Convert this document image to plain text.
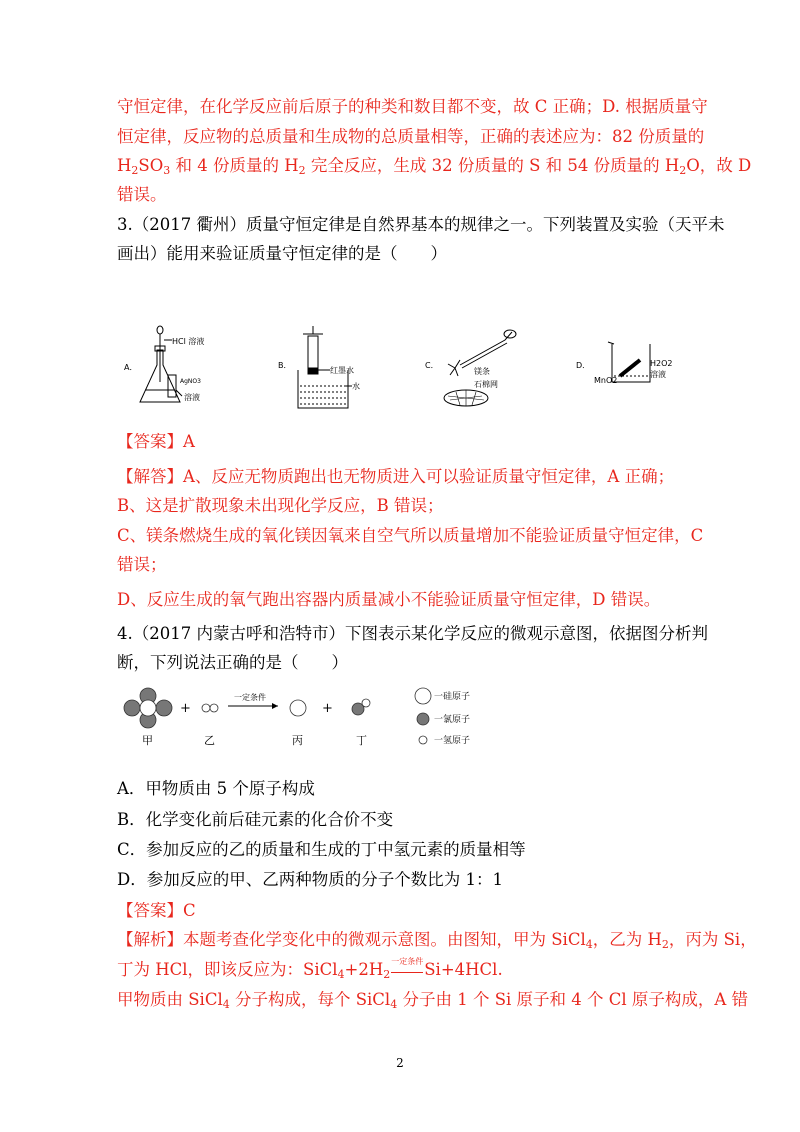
守恒定律，在化学反应前后原子的种类和数目都不变，故 C 正确；D. 根据质量守
恒定律，反应物的总质量和生成物的总质量相等，正确的表述应为：82 份质量的
$H_2SO_3$ 和 4 份质量的 $H_2$ 完全反应，生成 32 份质量的 S 和 54 份质量的 $H_2O$，故 D
错误。
3.（2017 衢州）质量守恒定律是自然界基本的规律之一。下列装置及实验（天平未
画出）能用来验证质量守恒定律的是（　　）
A．
HCl 溶液
AgNO3
溶液
B．
红墨水
水
C．
镁条
石棉网
D．	H2O2
溶液
MnO2
【答案】A
【解答】A、反应无物质跑出也无物质进入可以验证质量守恒定律，A 正确；
B、这是扩散现象未出现化学反应，B 错误；
C、镁条燃烧生成的氧化镁因氧来自空气所以质量增加不能验证质量守恒定律，C
错误；
D、反应生成的氧气跑出容器内质量减小不能验证质量守恒定律，D 错误。
4.（2017 内蒙古呼和浩特市）下图表示某化学反应的微观示意图，依据图分析判
断，下列说法正确的是（　　）
甲
+
乙
一定条件
丙
+
丁
一硅原子
一氯原子
一氢原子
A．甲物质由 5 个原子构成
B．化学变化前后硅元素的化合价不变
C．参加反应的乙的质量和生成的丁中氢元素的质量相等
D．参加反应的甲、乙两种物质的分子个数比为 1：1
【答案】C
【解析】本题考查化学变化中的微观示意图。由图知，甲为 SiCl$_4$，乙为 $H_2$，丙为 Si，
丁为 HCl，即该反应为：$SiCl_4+2H_2$
一定条件 Si+4HCl.
甲物质由 SiCl$_4$ 分子构成，每个 SiCl$_4$ 分子由 1 个 Si 原子和 4 个 Cl 原子构成，A 错
2
